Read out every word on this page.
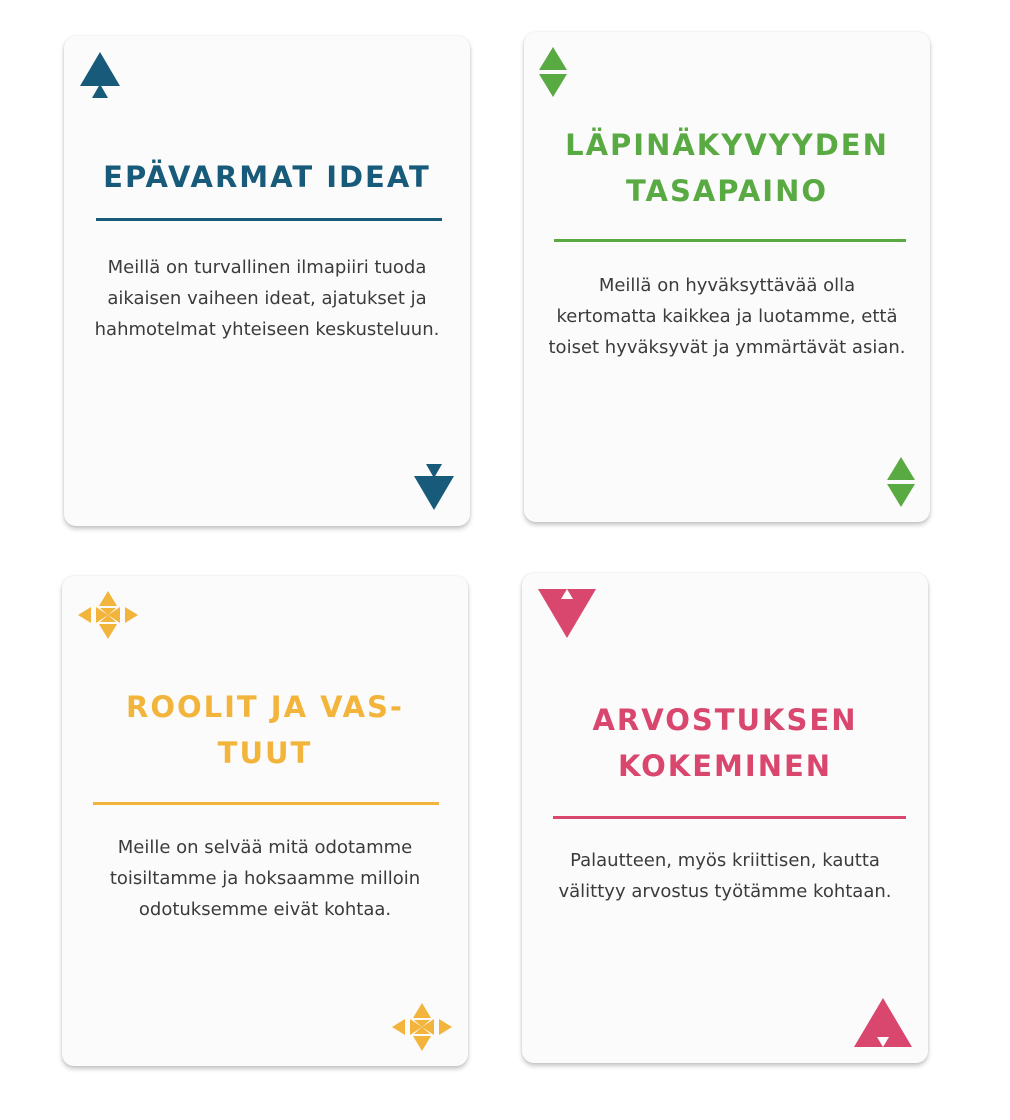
EPÄVARMAT IDEAT

Meillä on turvallinen ilmapiiri tuoda aikaisen vaiheen ideat, ajatukset ja hahmotelmat yhteiseen keskusteluun.

LÄPINÄKYVYYDEN TASAPAINO

Meillä on hyväksyttävää olla kertomatta kaikkea ja luotamme, että toiset hyväksyvät ja ymmärtävät asian.

ROOLIT JA VAS-TUUT

Meille on selvää mitä odotamme toisiltamme ja hoksaamme milloin odotuksemme eivät kohtaa.

ARVOSTUKSEN KOKEMINEN

Palautteen, myös kriittisen, kautta välittyy arvostus työtämme kohtaan.
